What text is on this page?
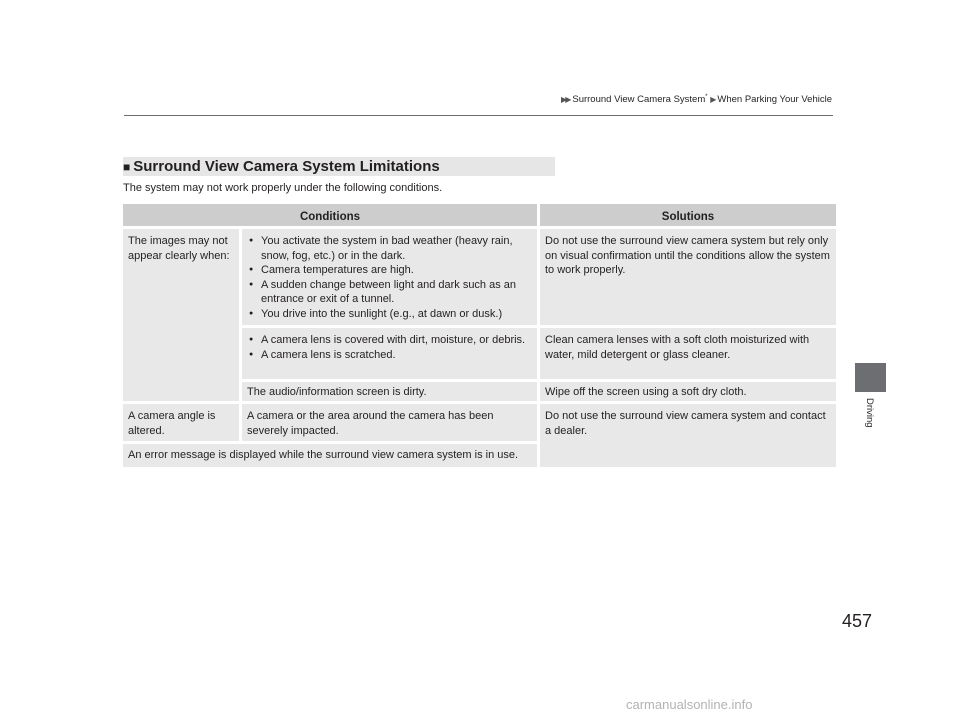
▶▶ Surround View Camera System* ▶ When Parking Your Vehicle
■ Surround View Camera System Limitations
The system may not work properly under the following conditions.
Conditions	Solutions
The images may not appear clearly when:
● You activate the system in bad weather (heavy rain, snow, fog, etc.) or in the dark.
● Camera temperatures are high.
● A sudden change between light and dark such as an entrance or exit of a tunnel.
● You drive into the sunlight (e.g., at dawn or dusk.)
Do not use the surround view camera system but rely only on visual confirmation until the conditions allow the system to work properly.
● A camera lens is covered with dirt, moisture, or debris.
● A camera lens is scratched.
Clean camera lenses with a soft cloth moisturized with water, mild detergent or glass cleaner.
The audio/information screen is dirty.	Wipe off the screen using a soft dry cloth.
A camera angle is altered.
A camera or the area around the camera has been severely impacted.
Do not use the surround view camera system and contact a dealer.
An error message is displayed while the surround view camera system is in use.
Driving
457
carmanualsonline.info
